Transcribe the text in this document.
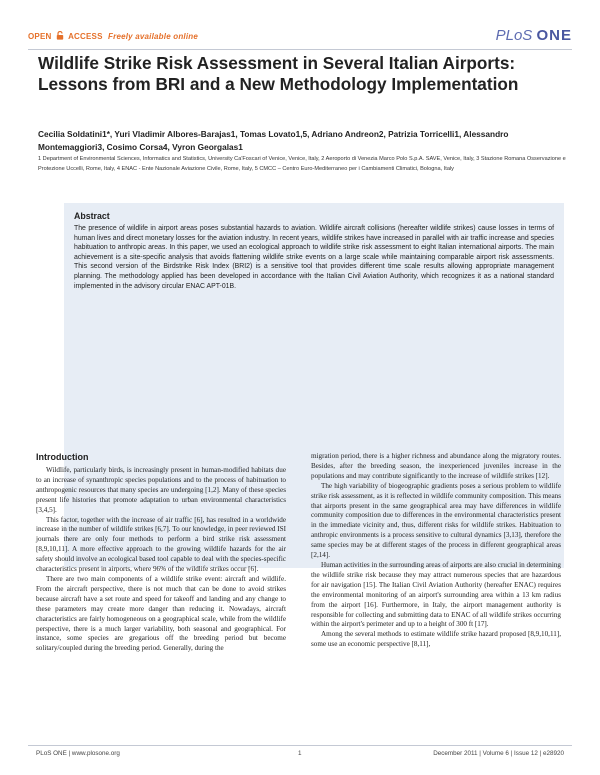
OPEN ACCESS Freely available online	PLoS ONE
Wildlife Strike Risk Assessment in Several Italian Airports: Lessons from BRI and a New Methodology Implementation
Cecilia Soldatini1*, Yuri Vladimir Albores-Barajas1, Tomas Lovato1,5, Adriano Andreon2, Patrizia Torricelli1, Alessandro Montemaggiori3, Cosimo Corsa4, Vyron Georgalas1
1 Department of Environmental Sciences, Informatics and Statistics, University Ca'Foscari of Venice, Venice, Italy, 2 Aeroporto di Venezia Marco Polo S.p.A. SAVE, Venice, Italy, 3 Stazione Romana Osservazione e Protezione Uccelli, Rome, Italy, 4 ENAC - Ente Nazionale Aviazione Civile, Rome, Italy, 5 CMCC – Centro Euro-Mediterraneo per i Cambiamenti Climatici, Bologna, Italy
Abstract
The presence of wildlife in airport areas poses substantial hazards to aviation. Wildlife aircraft collisions (hereafter wildlife strikes) cause losses in terms of human lives and direct monetary losses for the aviation industry. In recent years, wildlife strikes have increased in parallel with air traffic increase and species habituation to anthropic areas. In this paper, we used an ecological approach to wildlife strike risk assessment to eight Italian international airports. The main achievement is a site-specific analysis that avoids flattening wildlife strike events on a large scale while maintaining comparable airport risk assessments. This second version of the Birdstrike Risk Index (BRI2) is a sensitive tool that provides different time scale results allowing appropriate management planning. The methodology applied has been developed in accordance with the Italian Civil Aviation Authority, which recognizes it as a national standard implemented in the advisory circular ENAC APT-01B.
Introduction

Wildlife, particularly birds, is increasingly present in human-modified habitats due to an increase of synanthropic species populations and to the process of habituation to anthropogenic resources that many species are undergoing [1,2]. Many of these species present life histories that promote adaptation to urban environmental characteristics [3,4,5].

This factor, together with the increase of air traffic [6], has resulted in a worldwide increase in the number of wildlife strikes [6,7]. To our knowledge, in peer reviewed ISI journals there are only four methods to perform a bird strike risk assessment [8,9,10,11]. A more effective approach to the growing wildlife hazards for the air safety should involve an ecological based tool capable to deal with the species-specific characteristics present in airports, where 96% of the wildlife strikes occur [6].

There are two main components of a wildlife strike event: aircraft and wildlife. From the aircraft perspective, there is not much that can be done to avoid strikes because aircraft have a set route and speed for takeoff and landing and any change to these parameters may create more danger than reducing it. Nowadays, aircraft characteristics are fairly homogeneous on a geographical scale, while from the wildlife perspective, there is a much larger variability, both seasonal and geographical. For instance, some species are gregarious off the breeding period but become solitary/coupled during the breeding period. Generally, during the

migration period, there is a higher richness and abundance along the migratory routes. Besides, after the breeding season, the inexperienced juveniles increase in the populations and may contribute significantly to the increase of wildlife strikes [12].

The high variability of biogeographic gradients poses a serious problem to wildlife strike risk assessment, as it is reflected in wildlife community composition. This means that airports present in the same geographical area may have differences in wildlife community composition due to differences in the environmental characteristics present in the immediate vicinity and, thus, different risks for wildlife strikes. Habituation to anthropic environments is a process sensitive to cultural dynamics [3,13], therefore the same species may be at different stages of the process in different geographical areas [2,14].

Human activities in the surrounding areas of airports are also crucial in determining the wildlife strike risk because they may attract numerous species that are hazardous for air navigation [15]. The Italian Civil Aviation Authority (hereafter ENAC) requires the environmental monitoring of an airport's surrounding area within a 13 km radius from the airport [16]. Furthermore, in Italy, the airport management authority is responsible for collecting and submitting data to ENAC of all wildlife strikes occurring within the airport's perimeter and up to a height of 300 ft [17].

Among the several methods to estimate wildlife strike hazard proposed [8,9,10,11], some use an economic perspective [8,11],

PLoS ONE | www.plosone.org	1	December 2011 | Volume 6 | Issue 12 | e28920
